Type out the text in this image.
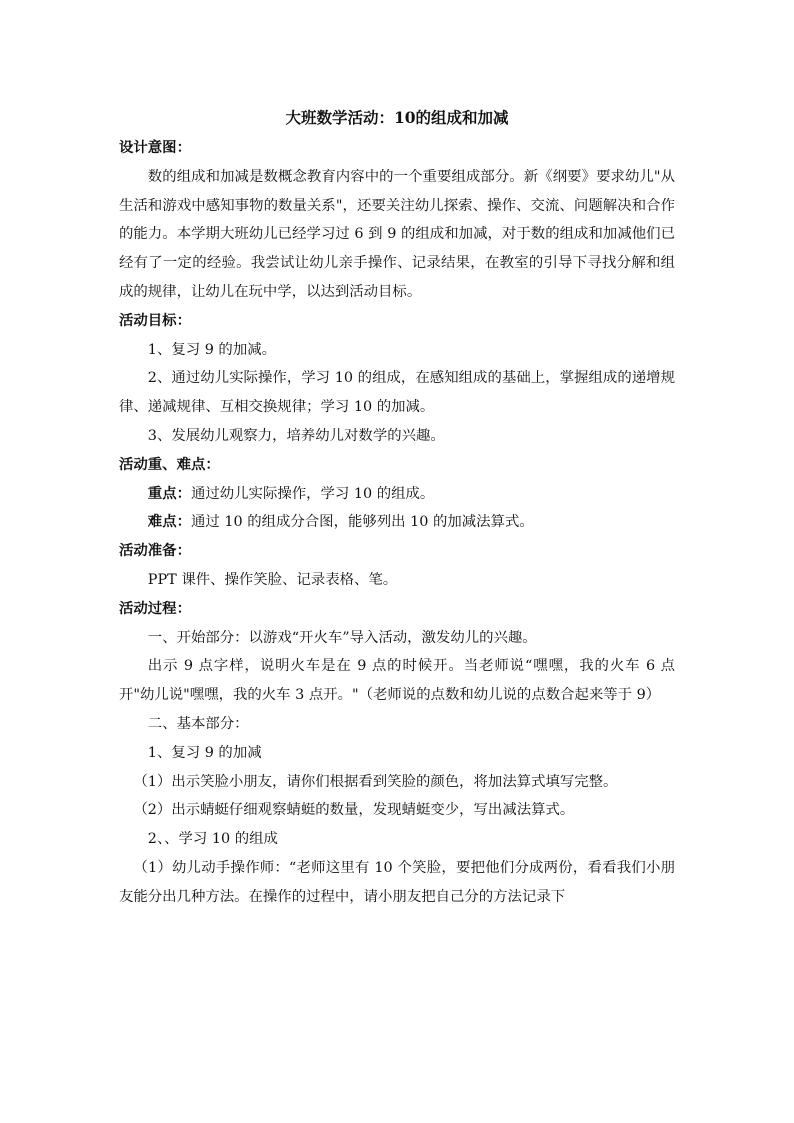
大班数学活动：10的组成和加减
设计意图：

数的组成和加减是数概念教育内容中的一个重要组成部分。新《纲要》要求幼儿"从生活和游戏中感知事物的数量关系"，还要关注幼儿探索、操作、交流、问题解决和合作的能力。本学期大班幼儿已经学习过 6 到 9 的组成和加减，对于数的组成和加减他们已经有了一定的经验。我尝试让幼儿亲手操作、记录结果，在教室的引导下寻找分解和组成的规律，让幼儿在玩中学，以达到活动目标。

活动目标：

1、复习 9 的加减。

2、通过幼儿实际操作，学习 10 的组成，在感知组成的基础上，掌握组成的递增规律、递减规律、互相交换规律；学习 10 的加减。

3、发展幼儿观察力，培养幼儿对数学的兴趣。

活动重、难点：

重点：通过幼儿实际操作，学习 10 的组成。

难点：通过 10 的组成分合图，能够列出 10 的加减法算式。

活动准备：

PPT 课件、操作笑脸、记录表格、笔。

活动过程：

一、开始部分：以游戏“开火车”导入活动，激发幼儿的兴趣。

出示 9 点字样，说明火车是在 9 点的时候开。当老师说“嘿嘿，我的火车 6 点开"幼儿说"嘿嘿，我的火车 3 点开。"（老师说的点数和幼儿说的点数合起来等于 9）

二、基本部分：

1、复习 9 的加减

（1）出示笑脸小朋友，请你们根据看到笑脸的颜色，将加法算式填写完整。

（2）出示蜻蜓仔细观察蜻蜓的数量，发现蜻蜓变少，写出减法算式。

2、、学习 10 的组成

（1）幼儿动手操作师：“老师这里有 10 个笑脸，要把他们分成两份，看看我们小朋友能分出几种方法。在操作的过程中，请小朋友把自己分的方法记录下
